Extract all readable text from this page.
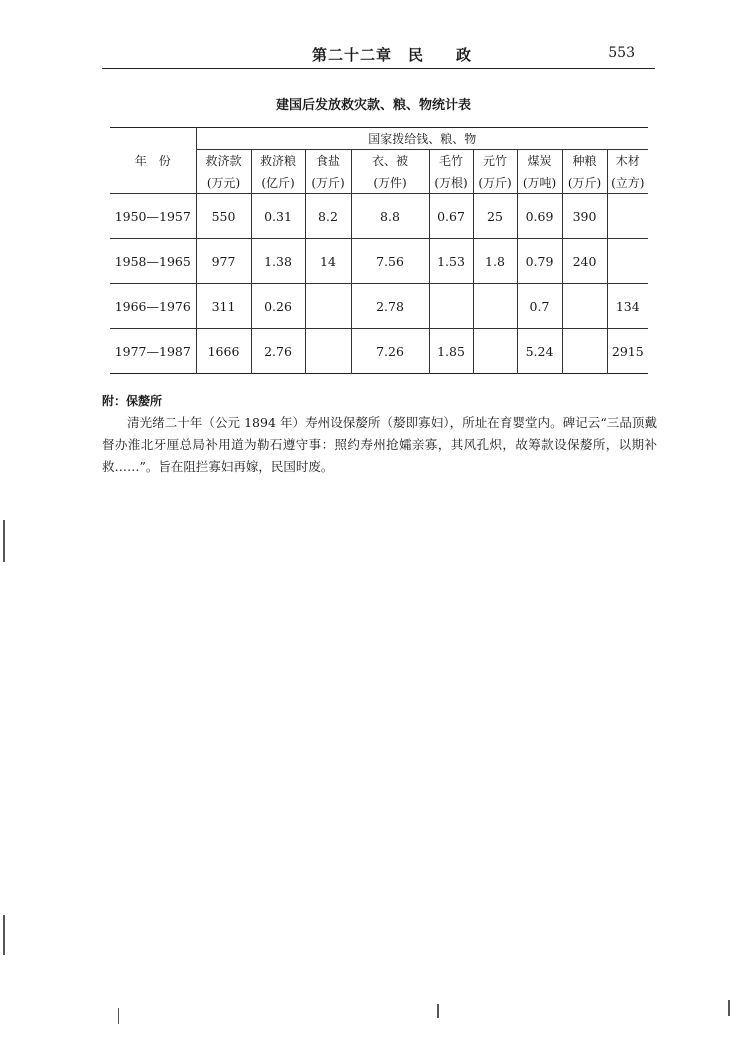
第二十二章　民　　政	553
建国后发放救灾款、粮、物统计表
年　份	国家拨给钱、粮、物								
	救济款	救济粮	食盐	衣、被	毛竹	元竹	煤炭	种粮	木材
	(万元)	(亿斤)	(万斤)	(万件)	(万根)	(万斤)	(万吨)	(万斤)	(立方)
1950—1957	550	0.31	8.2	8.8	0.67	25	0.69	390	
1958—1965	977	1.38	14	7.56	1.53	1.8	0.79	240	
1966—1976	311	0.26		2.78			0.7		134
1977—1987	1666	2.76		7.26	1.85		5.24		2915
附：保嫠所

清光绪二十年（公元 1894 年）寿州设保嫠所（嫠即寡妇），所址在育婴堂内。碑记云“三品顶戴督办淮北牙厘总局补用道为勒石遵守事：照约寿州抢孀亲寡，其风孔炽，故筹款设保嫠所，以期补救……”。旨在阻拦寡妇再嫁，民国时废。
